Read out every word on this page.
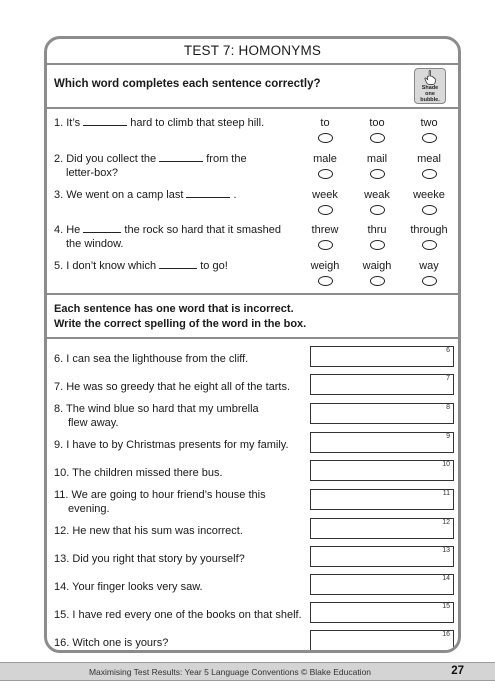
TEST 7: HOMONYMS
Which word completes each sentence correctly?	Shade
one
bubble.
1. It’s	hard to climb that steep hill.	to	too	two
2. Did you collect the	from the
letter-box?
male	mail	meal
3. We went on a camp last	.	week	weak	weeke
4. He	the rock so hard that it smashed
the window.
threw	thru	through
5. I don’t know which	to go!	weigh	waigh	way
Each sentence has one word that is incorrect.
Write the correct spelling of the word in the box.
6. I can sea the lighthouse from the cliff.
6
7. He was so greedy that he eight all of the tarts.
7
8. The wind blue so hard that my umbrella
flew away.
8
9. I have to by Christmas presents for my family.
9
10. The children missed there bus.
10
11. We are going to hour friend’s house this
evening.
11
12. He new that his sum was incorrect.
12
13. Did you right that story by yourself?
13
14. Your finger looks very saw.
14
15. I have red every one of the books on that shelf.
15
16. Witch one is yours?
16
Maximising Test Results: Year 5 Language Conventions © Blake Education	27
